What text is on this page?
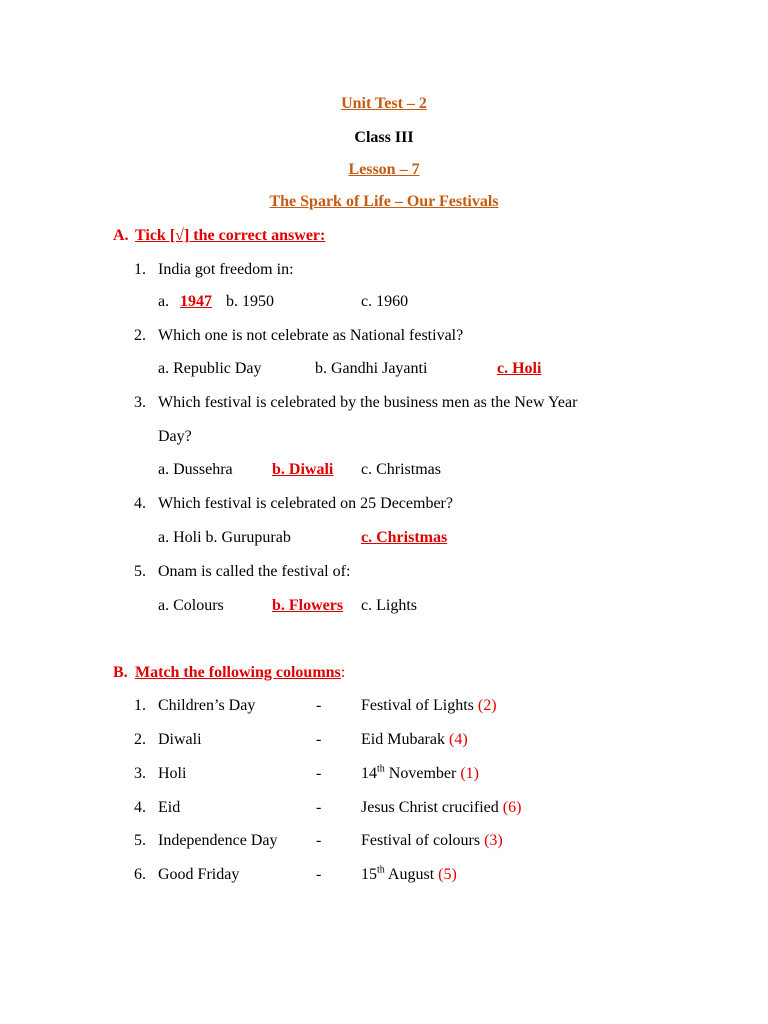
Unit Test – 2
Class III
Lesson – 7
The Spark of Life – Our Festivals
A. Tick [√] the correct answer:
1. India got freedom in:
a. 1947 b. 1950	c. 1960
2. Which one is not celebrate as National festival?
a. Republic Day	b. Gandhi Jayanti	c. Holi
3. Which festival is celebrated by the business men as the New Year
Day?
a. Dussehra b. Diwali c. Christmas
4. Which festival is celebrated on 25 December?
a. Holi b. Gurupurab	c. Christmas
5. Onam is called the festival of:
a. Colours	b. Flowers c. Lights
B. Match the following coloumns:
1. Children’s Day	- Festival of Lights (2)
2. Diwali	- Eid Mubarak (4)
3. Holi	- 14th November (1)
4. Eid	- Jesus Christ crucified (6)
5. Independence Day - Festival of colours (3)
6. Good Friday	- 15th August (5)
